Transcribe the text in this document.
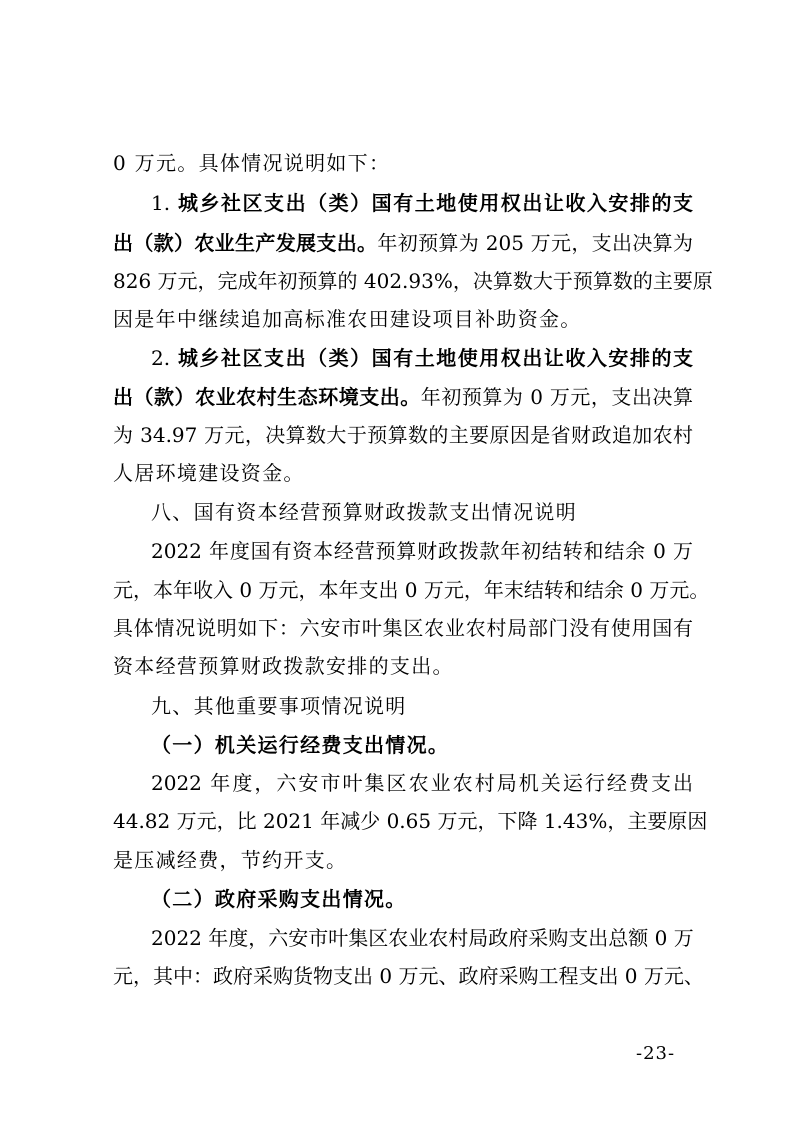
0 万元。具体情况说明如下：
1. 城乡社区支出（类）国有土地使用权出让收入安排的支
出（款）农业生产发展支出。年初预算为 205 万元，支出决算为
826 万元，完成年初预算的 402.93%，决算数大于预算数的主要原
因是年中继续追加高标准农田建设项目补助资金。
2. 城乡社区支出（类）国有土地使用权出让收入安排的支
出（款）农业农村生态环境支出。年初预算为 0 万元，支出决算
为 34.97 万元，决算数大于预算数的主要原因是省财政追加农村
人居环境建设资金。
八、国有资本经营预算财政拨款支出情况说明
2022 年度国有资本经营预算财政拨款年初结转和结余 0 万
元，本年收入 0 万元，本年支出 0 万元，年末结转和结余 0 万元。
具体情况说明如下：六安市叶集区农业农村局部门没有使用国有
资本经营预算财政拨款安排的支出。
九、其他重要事项情况说明
（一）机关运行经费支出情况。
2022 年度，六安市叶集区农业农村局机关运行经费支出
44.82 万元，比 2021 年减少 0.65 万元，下降 1.43%，主要原因
是压减经费，节约开支。
（二）政府采购支出情况。
2022 年度，六安市叶集区农业农村局政府采购支出总额 0 万
元，其中：政府采购货物支出 0 万元、政府采购工程支出 0 万元、
-23-
